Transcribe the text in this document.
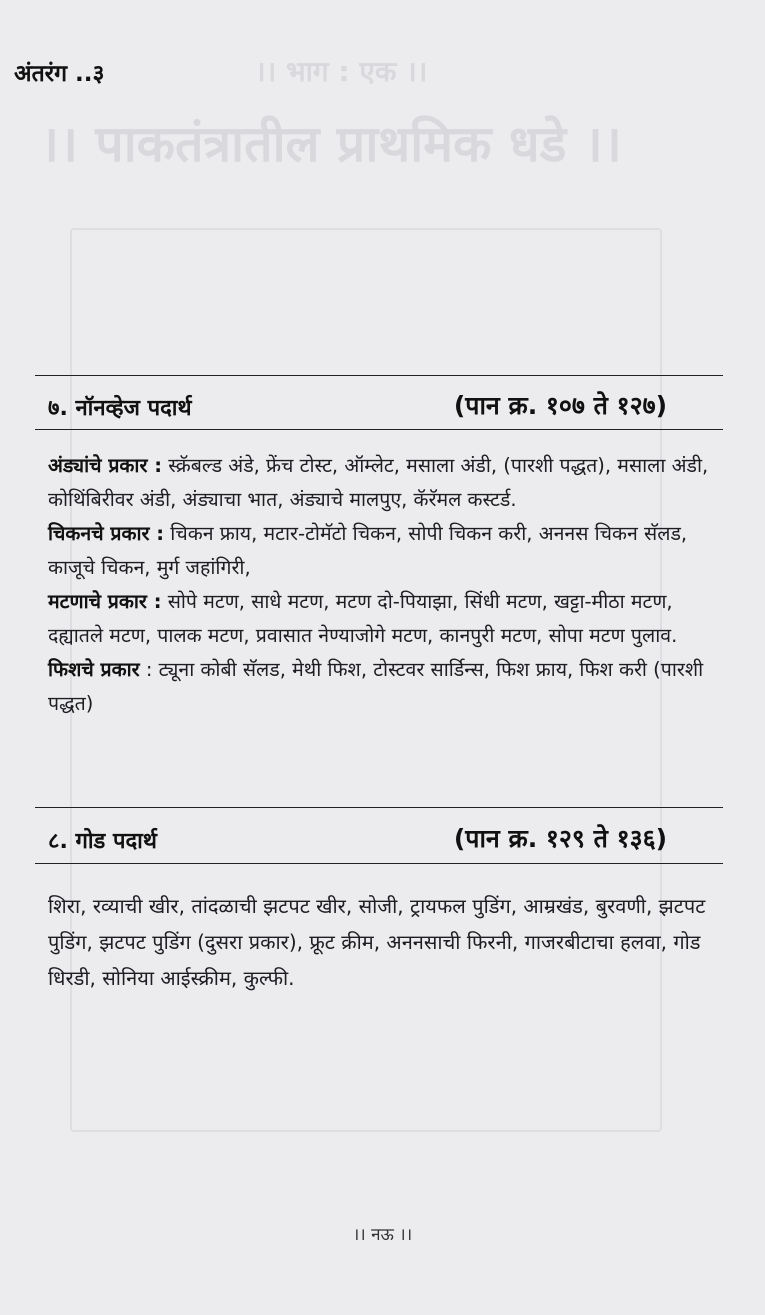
।। भाग : एक ।।
।। पाकतंत्रातील प्राथमिक धडे ।।
अंतरंग ..३
७. नॉनव्हेज पदार्थ	(पान क्र. १०७ ते १२७)

अंड्यांचे प्रकार : स्क्रॅबल्ड अंडे, फ्रेंच टोस्ट, ऑम्लेट, मसाला अंडी, (पारशी पद्धत), मसाला अंडी, कोथिंबिरीवर अंडी, अंड्याचा भात, अंड्याचे मालपुए, कॅरॅमल कस्टर्ड.

चिकनचे प्रकार : चिकन फ्राय, मटार-टोमॅटो चिकन, सोपी चिकन करी, अननस चिकन सॅलड, काजूचे चिकन, मुर्ग जहांगिरी,

मटणाचे प्रकार : सोपे मटण, साधे मटण, मटण दो-पियाझा, सिंधी मटण, खट्टा-मीठा मटण, दह्यातले मटण, पालक मटण, प्रवासात नेण्याजोगे मटण, कानपुरी मटण, सोपा मटण पुलाव.

फिशचे प्रकार : ट्यूना कोबी सॅलड, मेथी फिश, टोस्टवर सार्डिन्स, फिश फ्राय, फिश करी (पारशी पद्धत)

८. गोड पदार्थ	(पान क्र. १२९ ते १३६)

शिरा, रव्याची खीर, तांदळाची झटपट खीर, सोजी, ट्रायफल पुडिंग, आम्रखंड, बुरवणी, झटपट पुडिंग, झटपट पुडिंग (दुसरा प्रकार), फ्रूट क्रीम, अननसाची फिरनी, गाजरबीटाचा हलवा, गोड धिरडी, सोनिया आईस्क्रीम, कुल्फी.

।। नऊ ।।
